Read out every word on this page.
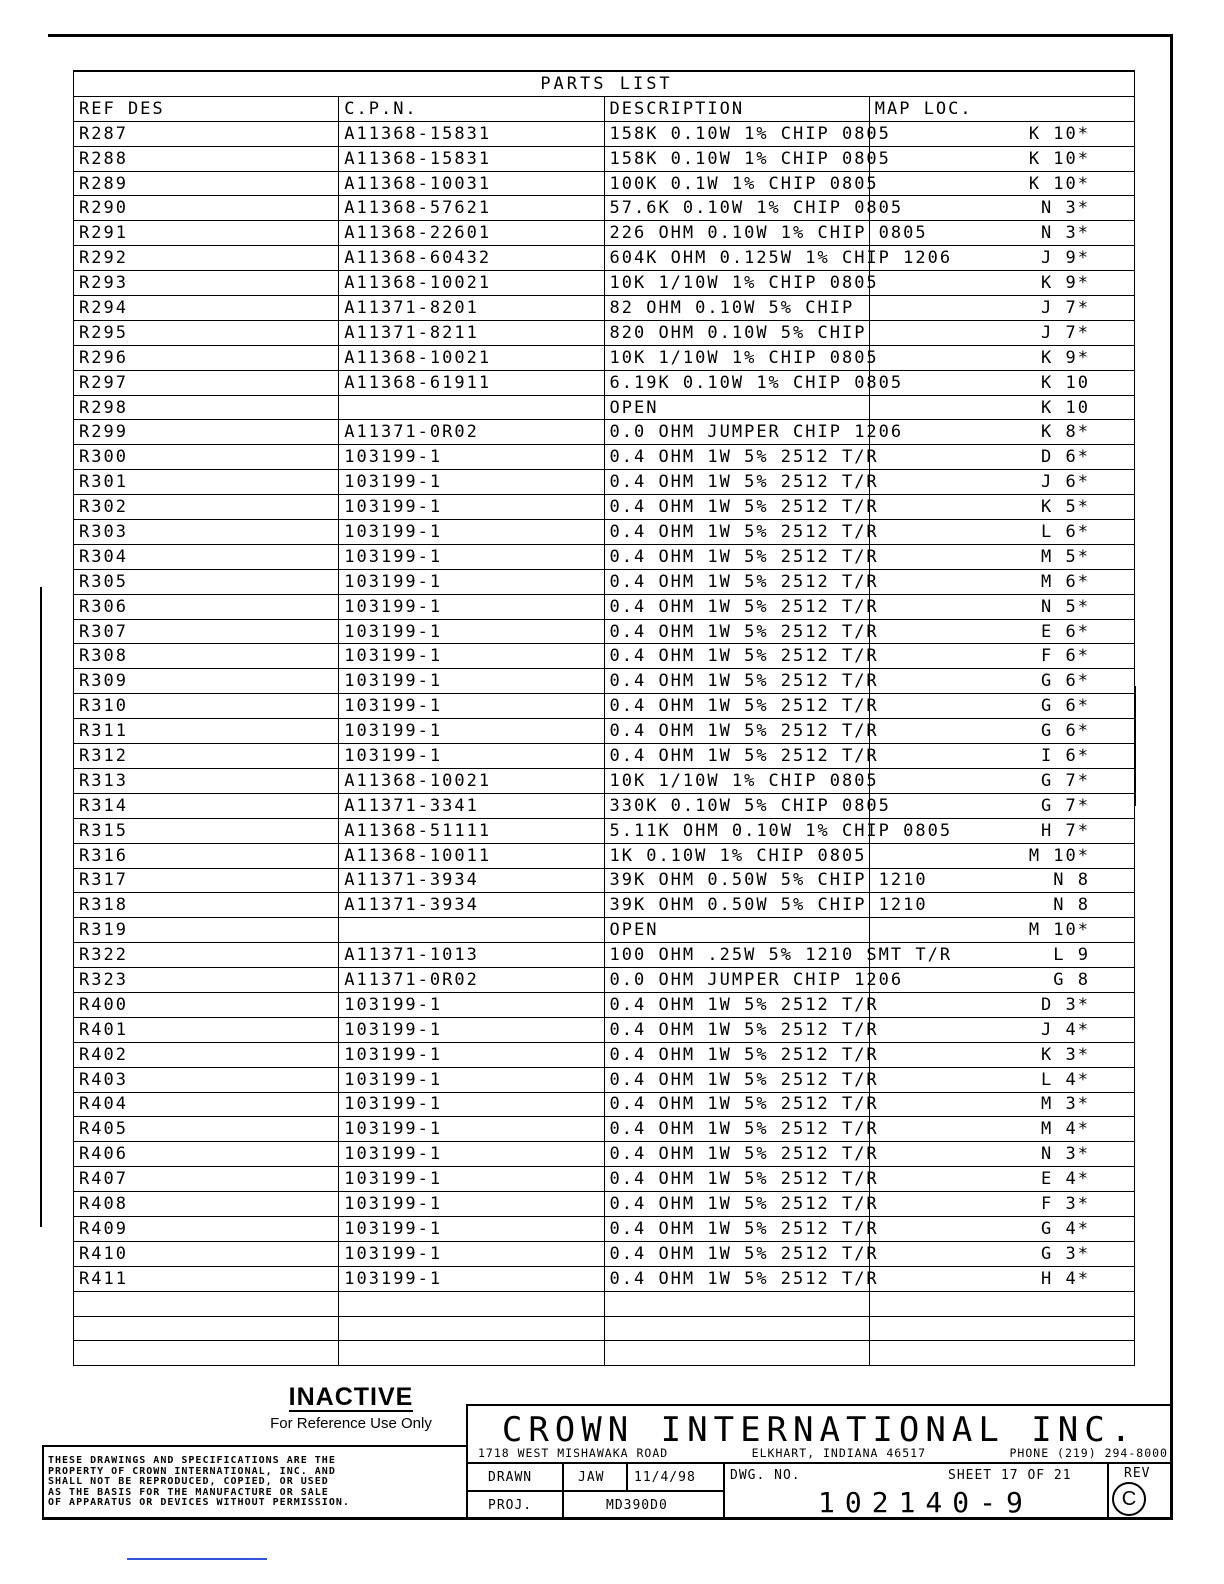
PARTS LIST			
REF DES	C.P.N.	DESCRIPTION	MAP LOC.
R287	A11368-15831	158K 0.10W 1% CHIP 0805	K 10*
R288	A11368-15831	158K 0.10W 1% CHIP 0805	K 10*
R289	A11368-10031	100K 0.1W 1% CHIP 0805	K 10*
R290	A11368-57621	57.6K 0.10W 1% CHIP 0805	N 3*
R291	A11368-22601	226 OHM 0.10W 1% CHIP 0805	N 3*
R292	A11368-60432	604K OHM 0.125W 1% CHIP 1206	J 9*
R293	A11368-10021	10K 1/10W 1% CHIP 0805	K 9*
R294	A11371-8201	82 OHM 0.10W 5% CHIP	J 7*
R295	A11371-8211	820 OHM 0.10W 5% CHIP	J 7*
R296	A11368-10021	10K 1/10W 1% CHIP 0805	K 9*
R297	A11368-61911	6.19K 0.10W 1% CHIP 0805	K 10
R298		OPEN	K 10
R299	A11371-0R02	0.0 OHM JUMPER CHIP 1206	K 8*
R300	103199-1	0.4 OHM 1W 5% 2512 T/R	D 6*
R301	103199-1	0.4 OHM 1W 5% 2512 T/R	J 6*
R302	103199-1	0.4 OHM 1W 5% 2512 T/R	K 5*
R303	103199-1	0.4 OHM 1W 5% 2512 T/R	L 6*
R304	103199-1	0.4 OHM 1W 5% 2512 T/R	M 5*
R305	103199-1	0.4 OHM 1W 5% 2512 T/R	M 6*
R306	103199-1	0.4 OHM 1W 5% 2512 T/R	N 5*
R307	103199-1	0.4 OHM 1W 5% 2512 T/R	E 6*
R308	103199-1	0.4 OHM 1W 5% 2512 T/R	F 6*
R309	103199-1	0.4 OHM 1W 5% 2512 T/R	G 6*
R310	103199-1	0.4 OHM 1W 5% 2512 T/R	G 6*
R311	103199-1	0.4 OHM 1W 5% 2512 T/R	G 6*
R312	103199-1	0.4 OHM 1W 5% 2512 T/R	I 6*
R313	A11368-10021	10K 1/10W 1% CHIP 0805	G 7*
R314	A11371-3341	330K 0.10W 5% CHIP 0805	G 7*
R315	A11368-51111	5.11K OHM 0.10W 1% CHIP 0805	H 7*
R316	A11368-10011	1K 0.10W 1% CHIP 0805	M 10*
R317	A11371-3934	39K OHM 0.50W 5% CHIP 1210	N 8
R318	A11371-3934	39K OHM 0.50W 5% CHIP 1210	N 8
R319		OPEN	M 10*
R322	A11371-1013	100 OHM .25W 5% 1210 SMT T/R	L 9
R323	A11371-0R02	0.0 OHM JUMPER CHIP 1206	G 8
R400	103199-1	0.4 OHM 1W 5% 2512 T/R	D 3*
R401	103199-1	0.4 OHM 1W 5% 2512 T/R	J 4*
R402	103199-1	0.4 OHM 1W 5% 2512 T/R	K 3*
R403	103199-1	0.4 OHM 1W 5% 2512 T/R	L 4*
R404	103199-1	0.4 OHM 1W 5% 2512 T/R	M 3*
R405	103199-1	0.4 OHM 1W 5% 2512 T/R	M 4*
R406	103199-1	0.4 OHM 1W 5% 2512 T/R	N 3*
R407	103199-1	0.4 OHM 1W 5% 2512 T/R	E 4*
R408	103199-1	0.4 OHM 1W 5% 2512 T/R	F 3*
R409	103199-1	0.4 OHM 1W 5% 2512 T/R	G 4*
R410	103199-1	0.4 OHM 1W 5% 2512 T/R	G 3*
R411	103199-1	0.4 OHM 1W 5% 2512 T/R	H 4*

INACTIVE
For Reference Use Only
THESE DRAWINGS AND SPECIFICATIONS ARE THE
PROPERTY OF CROWN INTERNATIONAL, INC. AND
SHALL NOT BE REPRODUCED, COPIED, OR USED
AS THE BASIS FOR THE MANUFACTURE OR SALE
OF APPARATUS OR DEVICES WITHOUT PERMISSION.
CROWN INTERNATIONAL INC.
1718 WEST MISHAWAKA ROAD	ELKHART, INDIANA 46517	PHONE (219) 294-8000
DRAWN	JAW 11/4/98
PROJ.	MD390D0
DWG. NO.	SHEET 17 OF 21	REV
102140-9	C
